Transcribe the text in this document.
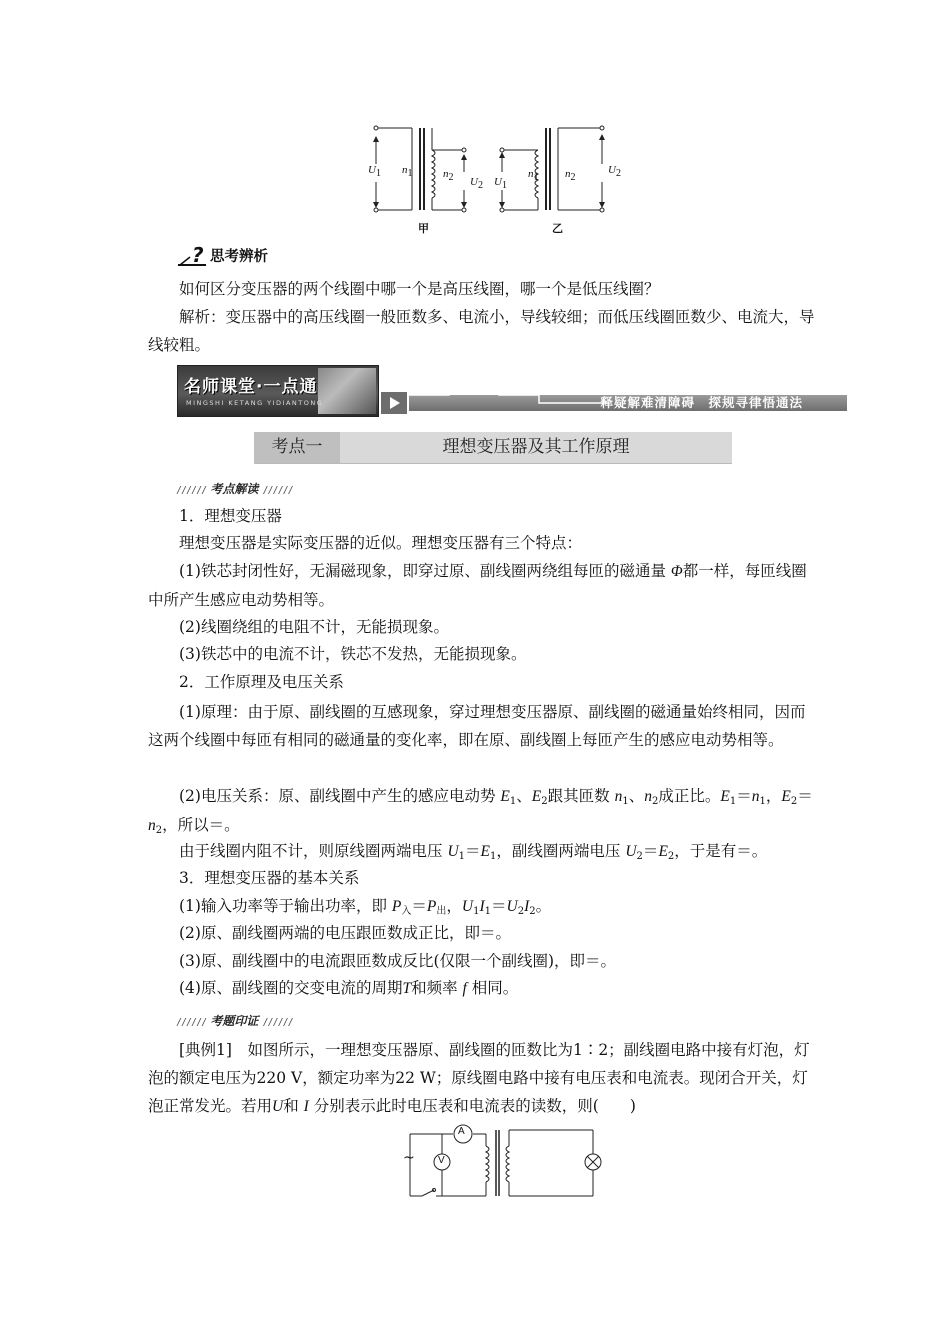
$U_1$ $n_1$	$n_2$ $U_2$
甲
$U_1$
$n_1$ $n_2$
$U_2$
乙
? 思考辨析
如何区分变压器的两个线圈中哪一个是高压线圈，哪一个是低压线圈？
解析：变压器中的高压线圈一般匝数多、电流小，导线较细；而低压线圈匝数少、电流大，导线较粗。
名师课堂·一点通
MINGSHI KETANG YIDIANTONG	释疑解难清障碍　探规寻律悟通法
考点一	理想变压器及其工作原理
////// 考点解读 //////
1．理想变压器
理想变压器是实际变压器的近似。理想变压器有三个特点：
(1)铁芯封闭性好，无漏磁现象，即穿过原、副线圈两绕组每匝的磁通量 Φ都一样，每匝线圈中所产生感应电动势相等。
(2)线圈绕组的电阻不计，无能损现象。
(3)铁芯中的电流不计，铁芯不发热，无能损现象。
2．工作原理及电压关系
(1)原理：由于原、副线圈的互感现象，穿过理想变压器原、副线圈的磁通量始终相同，因而这两个线圈中每匝有相同的磁通量的变化率，即在原、副线圈上每匝产生的感应电动势相等。
(2)电压关系：原、副线圈中产生的感应电动势 $E_1$、$E_2$跟其匝数 $n_1$、$n_2$成正比。$E_1=n_1$，$E_2=n_2$，所以＝。
由于线圈内阻不计，则原线圈两端电压 $U_1=E_1$，副线圈两端电压 $U_2=E_2$，于是有＝。
3．理想变压器的基本关系
(1)输入功率等于输出功率，即 $P_入=P_出$，$U_1I_1=U_2I_2$。
(2)原、副线圈两端的电压跟匝数成正比，即＝。
(3)原、副线圈中的电流跟匝数成反比(仅限一个副线圈)，即＝。
(4)原、副线圈的交变电流的周期T和频率 f 相同。
////// 考题印证 //////
[典例1]　如图所示，一理想变压器原、副线圈的匝数比为1∶2；副线圈电路中接有灯泡，灯泡的额定电压为220 V，额定功率为22 W；原线圈电路中接有电压表和电流表。现闭合开关，灯泡正常发光。若用U和 I 分别表示此时电压表和电流表的读数，则(　　)
A
V
~
